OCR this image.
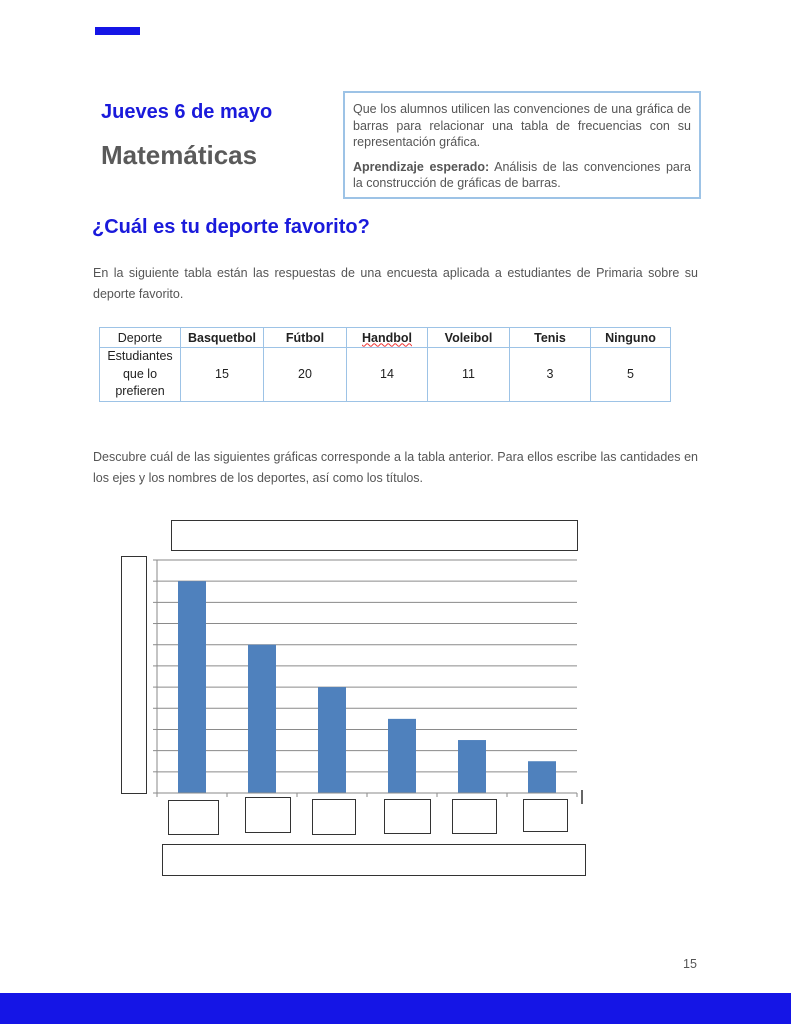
Jueves 6 de mayo
Matemáticas

Que los alumnos utilicen las convenciones de una gráfica de barras para relacionar una tabla de frecuencias con su representación gráfica.

Aprendizaje esperado: Análisis de las convenciones para la construcción de gráficas de barras.

¿Cuál es tu deporte favorito?
En la siguiente tabla están las respuestas de una encuesta aplicada a estudiantes de Primaria sobre su deporte favorito.
Deporte	Basquetbol	Fútbol	Handbol	Voleibol	Tenis	Ninguno
Estudiantes
que lo
prefieren	15	20	14	11	3	5
Descubre cuál de las siguientes gráficas corresponde a la tabla anterior. Para ellos escribe las cantidades en los ejes y los nombres de los deportes, así como los títulos.
15
